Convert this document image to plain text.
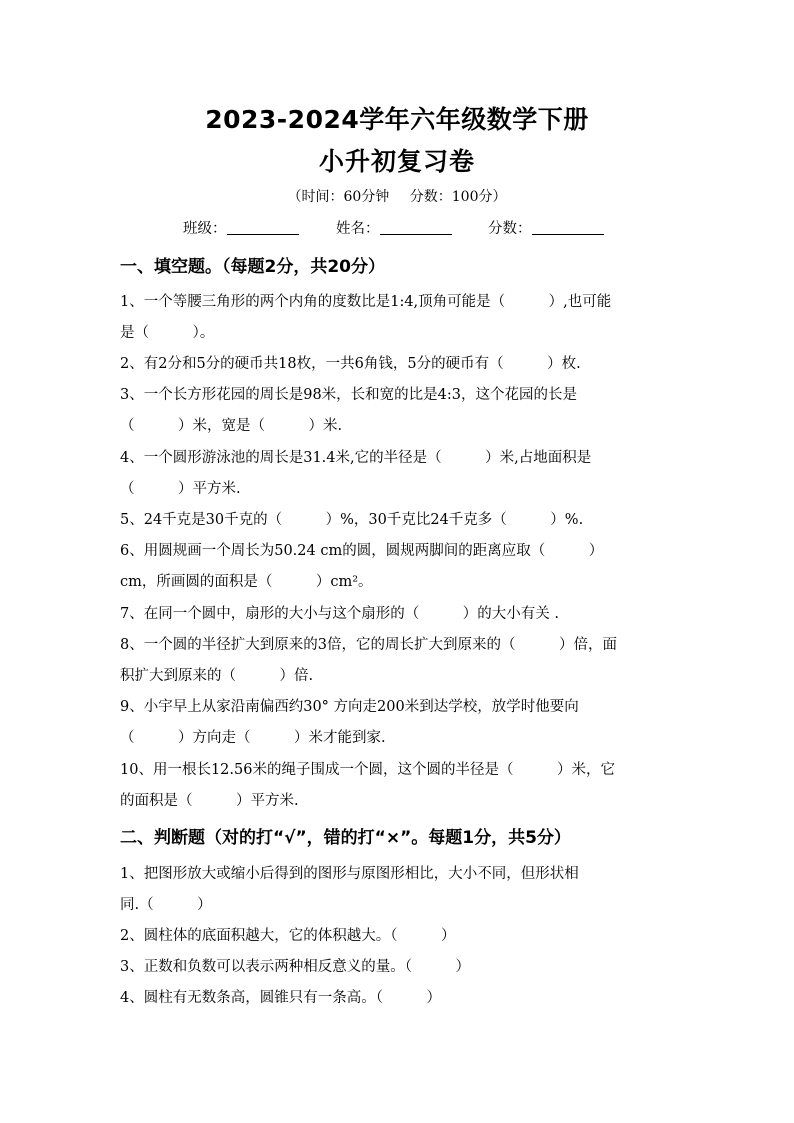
2023-2024学年六年级数学下册
小升初复习卷
（时间：60分钟 分数：100分）
班级：	姓名：	分数：
一、填空题。（每题2分，共20分）
1、一个等腰三角形的两个内角的度数比是1:4,顶角可能是（　　　）,也可能
是（　　　）。
2、有2分和5分的硬币共18枚，一共6角钱，5分的硬币有（　　　）枚.
3、一个长方形花园的周长是98米，长和宽的比是4:3，这个花园的长是
（　　　）米，宽是（　　　）米.
4、一个圆形游泳池的周长是31.4米,它的半径是（　　　）米,占地面积是
（　　　）平方米.
5、24千克是30千克的（　　　）%，30千克比24千克多（　　　）%.
6、用圆规画一个周长为50.24 cm的圆，圆规两脚间的距离应取（　　　）
cm，所画圆的面积是（　　　）cm²。
7、在同一个圆中，扇形的大小与这个扇形的（　　　）的大小有关 .
8、一个圆的半径扩大到原来的3倍，它的周长扩大到原来的（　　　）倍，面
积扩大到原来的（　　　）倍.
9、小宇早上从家沿南偏西约30° 方向走200米到达学校，放学时他要向
（　　　）方向走（　　　）米才能到家.
10、用一根长12.56米的绳子围成一个圆，这个圆的半径是（　　　）米，它
的面积是（　　　）平方米.
二、判断题（对的打“√”，错的打“×”。每题1分，共5分）
1、把图形放大或缩小后得到的图形与原图形相比，大小不同，但形状相
同.（　　　）
2、圆柱体的底面积越大，它的体积越大。（　　　）
3、正数和负数可以表示两种相反意义的量。（　　　）
4、圆柱有无数条高，圆锥只有一条高。（　　　）
